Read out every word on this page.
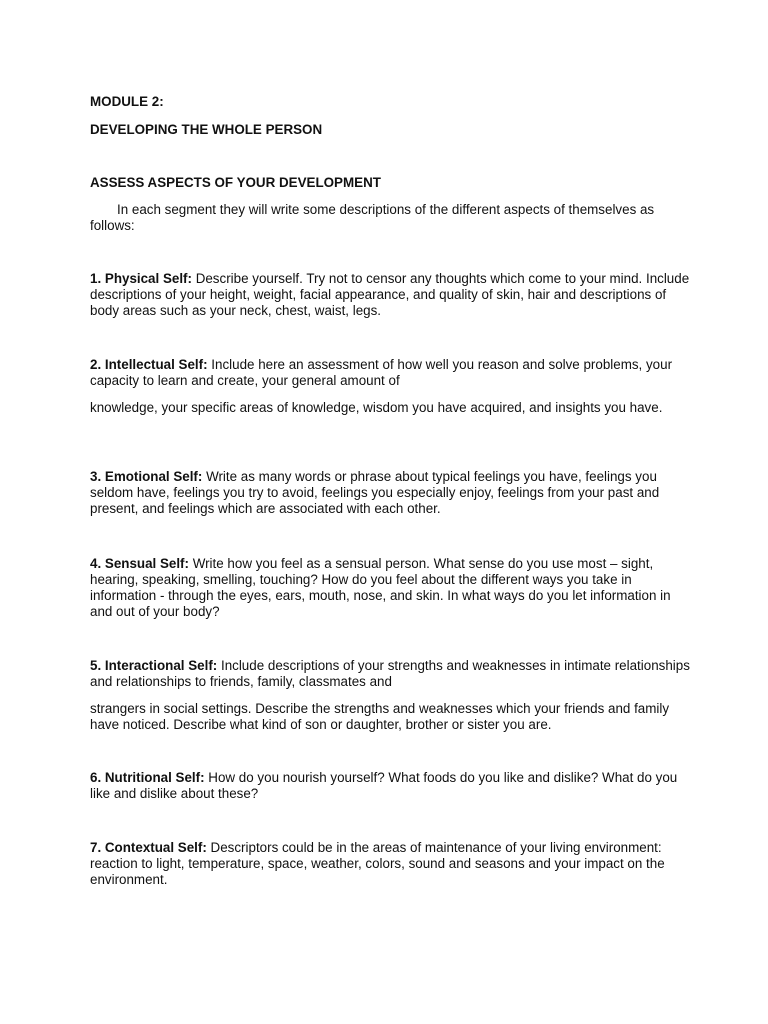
MODULE 2:

DEVELOPING THE WHOLE PERSON

ASSESS ASPECTS OF YOUR DEVELOPMENT

In each segment they will write some descriptions of the different aspects of themselves as follows:

1. Physical Self: Describe yourself. Try not to censor any thoughts which come to your mind. Include descriptions of your height, weight, facial appearance, and quality of skin, hair and descriptions of body areas such as your neck, chest, waist, legs.

2. Intellectual Self: Include here an assessment of how well you reason and solve problems, your capacity to learn and create, your general amount of

knowledge, your specific areas of knowledge, wisdom you have acquired, and insights you have.

3. Emotional Self: Write as many words or phrase about typical feelings you have, feelings you seldom have, feelings you try to avoid, feelings you especially enjoy, feelings from your past and present, and feelings which are associated with each other.

4. Sensual Self: Write how you feel as a sensual person. What sense do you use most – sight, hearing, speaking, smelling, touching? How do you feel about the different ways you take in information - through the eyes, ears, mouth, nose, and skin. In what ways do you let information in and out of your body?

5. Interactional Self: Include descriptions of your strengths and weaknesses in intimate relationships and relationships to friends, family, classmates and

strangers in social settings. Describe the strengths and weaknesses which your friends and family have noticed. Describe what kind of son or daughter, brother or sister you are.

6. Nutritional Self: How do you nourish yourself? What foods do you like and dislike? What do you like and dislike about these?

7. Contextual Self: Descriptors could be in the areas of maintenance of your living environment: reaction to light, temperature, space, weather, colors, sound and seasons and your impact on the environment.
